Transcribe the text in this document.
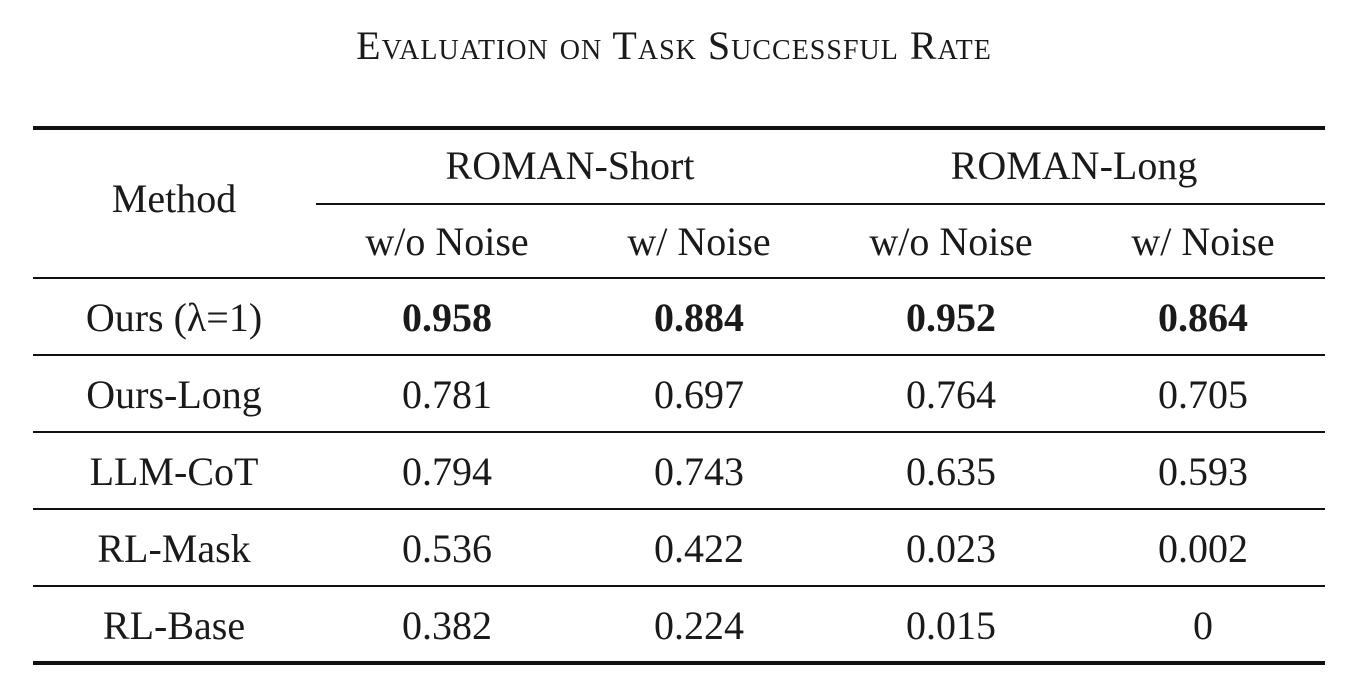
Evaluation on Task Successful Rate
Method
ROMAN-Short	ROMAN-Long
w/o Noise	w/ Noise	w/o Noise	w/ Noise
Ours (λ=1)	0.958	0.884	0.952	0.864
Ours-Long	0.781	0.697	0.764	0.705
LLM-CoT	0.794	0.743	0.635	0.593
RL-Mask	0.536	0.422	0.023	0.002
RL-Base	0.382	0.224	0.015	0
